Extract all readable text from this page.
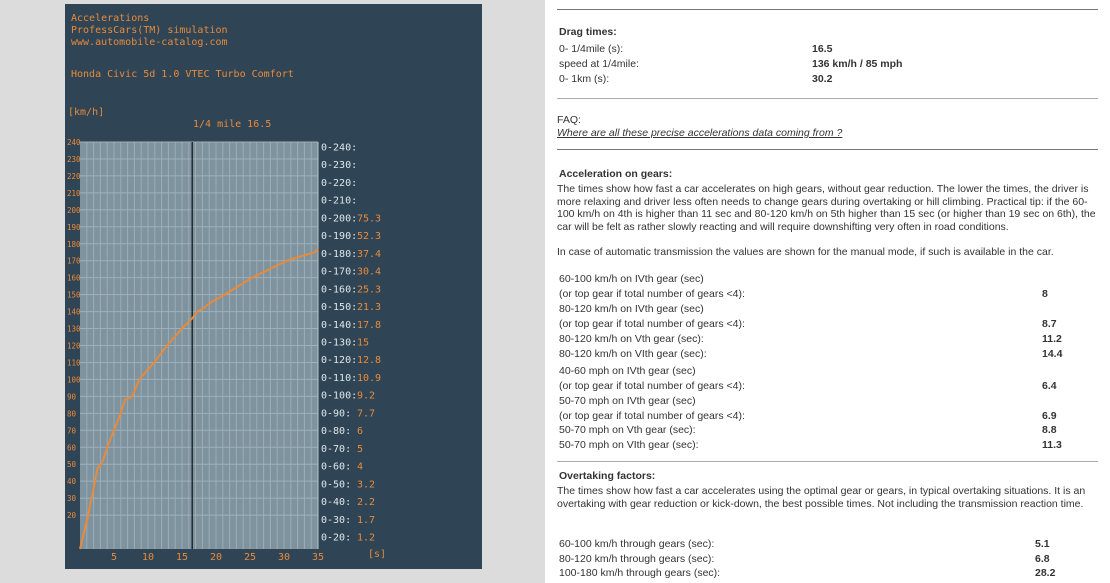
Accelerations
ProfessCars(TM) simulation
www.automobile-catalog.com
Honda Civic 5d 1.0 VTEC Turbo Comfort
[km/h]
1/4 mile 16.5
[s]
20
30
40
50
60
70
80
90
100
110
120
130
140
150
160
170
180
190
200
210
220
230
240
5 10 15 20 25 30 35
0-240:
0-230:
0-220:
0-210:
0-200: 75.3
0-190: 52.3
0-180: 37.4
0-170: 30.4
0-160: 25.3
0-150: 21.3
0-140: 17.8
0-130: 15
0-120: 12.8
0-110: 10.9
0-100: 9.2
0-90: 7.7
0-80: 6
0-70: 5
0-60: 4
0-50: 3.2
0-40: 2.2
0-30: 1.7
0-20: 1.2
Drag times:
0- 1/4mile (s):	16.5
speed at 1/4mile:	136 km/h / 85 mph
0- 1km (s):	30.2
FAQ:
Where are all these precise accelerations data coming from ?
Acceleration on gears:
The times show how fast a car accelerates on high gears, without gear reduction. The lower the times, the driver is more relaxing and driver less often needs to change gears during overtaking or hill climbing. Practical tip: if the 60-100 km/h on 4th is higher than 11 sec and 80-120 km/h on 5th higher than 15 sec (or higher than 19 sec on 6th), the car will be felt as rather slowly reacting and will require downshifting very often in road conditions.
In case of automatic transmission the values are shown for the manual mode, if such is available in the car.
60-100 km/h on IVth gear (sec)
(or top gear if total number of gears <4):	8
80-120 km/h on IVth gear (sec)
(or top gear if total number of gears <4):	8.7
80-120 km/h on Vth gear (sec):	11.2
80-120 km/h on VIth gear (sec):	14.4
40-60 mph on IVth gear (sec)
(or top gear if total number of gears <4):	6.4
50-70 mph on IVth gear (sec)
(or top gear if total number of gears <4):	6.9
50-70 mph on Vth gear (sec):	8.8
50-70 mph on VIth gear (sec):	11.3
Overtaking factors:
The times show how fast a car accelerates using the optimal gear or gears, in typical overtaking situations. It is an overtaking with gear reduction or kick-down, the best possible times. Not including the transmission reaction time.
60-100 km/h through gears (sec):	5.1
80-120 km/h through gears (sec):	6.8
100-180 km/h through gears (sec):	28.2
